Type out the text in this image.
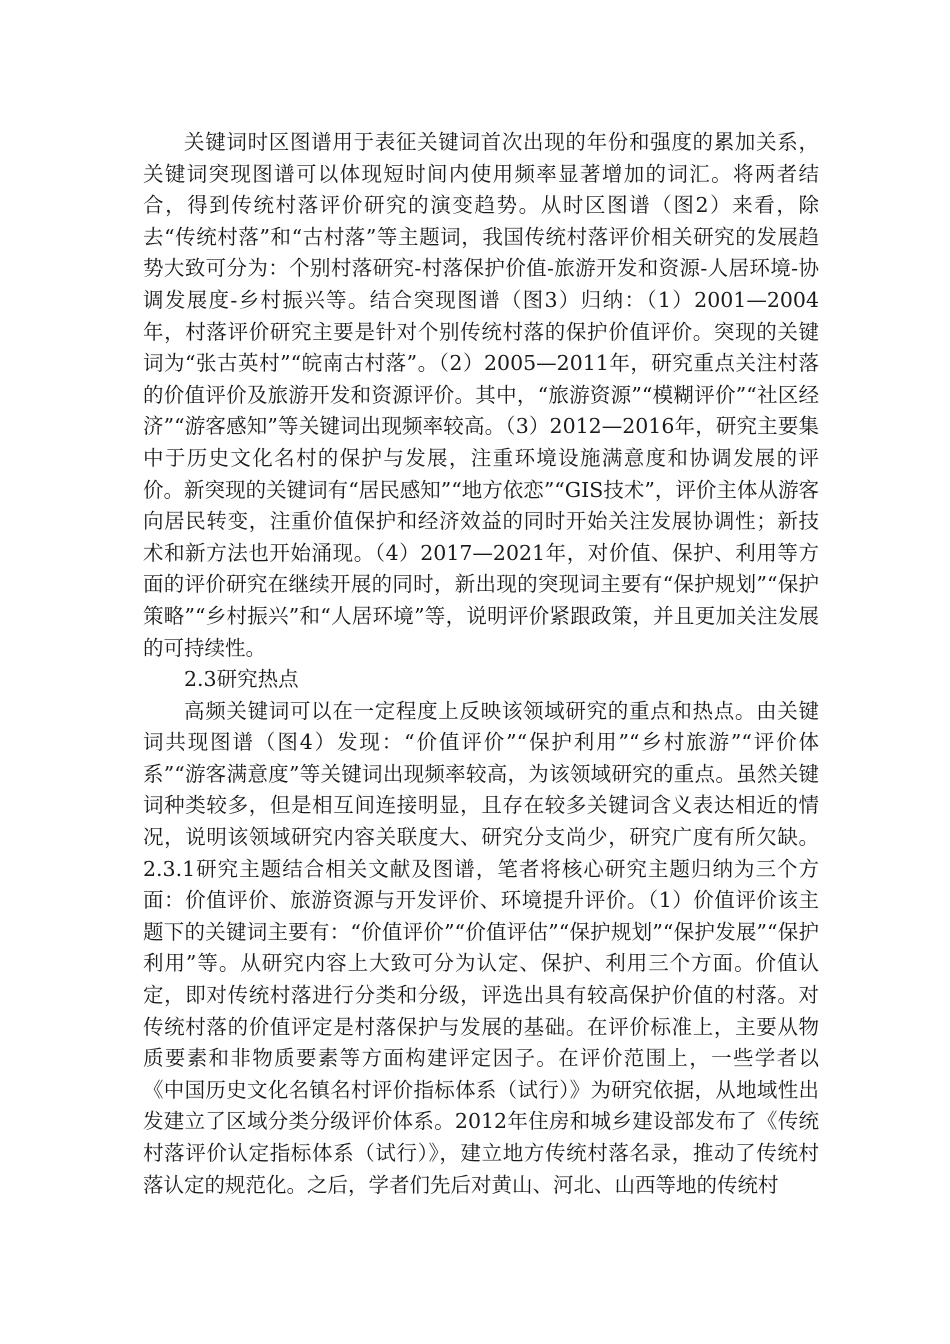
关键词时区图谱用于表征关键词首次出现的年份和强度的累加关系，关键词突现图谱可以体现短时间内使用频率显著增加的词汇。将两者结合，得到传统村落评价研究的演变趋势。从时区图谱（图2）来看，除去“传统村落”和“古村落”等主题词，我国传统村落评价相关研究的发展趋势大致可分为：个别村落研究-村落保护价值-旅游开发和资源-人居环境-协调发展度-乡村振兴等。结合突现图谱（图3）归纳：（1）2001—2004年，村落评价研究主要是针对个别传统村落的保护价值评价。突现的关键词为“张古英村”“皖南古村落”。（2）2005—2011年，研究重点关注村落的价值评价及旅游开发和资源评价。其中，“旅游资源”“模糊评价”“社区经济”“游客感知”等关键词出现频率较高。（3）2012—2016年，研究主要集中于历史文化名村的保护与发展，注重环境设施满意度和协调发展的评价。新突现的关键词有“居民感知”“地方依恋”“GIS技术”，评价主体从游客向居民转变，注重价值保护和经济效益的同时开始关注发展协调性；新技术和新方法也开始涌现。（4）2017—2021年，对价值、保护、利用等方面的评价研究在继续开展的同时，新出现的突现词主要有“保护规划”“保护策略”“乡村振兴”和“人居环境”等，说明评价紧跟政策，并且更加关注发展的可持续性。

2.3研究热点

高频关键词可以在一定程度上反映该领域研究的重点和热点。由关键词共现图谱（图4）发现：“价值评价”“保护利用”“乡村旅游”“评价体系”“游客满意度”等关键词出现频率较高，为该领域研究的重点。虽然关键词种类较多，但是相互间连接明显，且存在较多关键词含义表达相近的情况，说明该领域研究内容关联度大、研究分支尚少，研究广度有所欠缺。2.3.1研究主题结合相关文献及图谱，笔者将核心研究主题归纳为三个方面：价值评价、旅游资源与开发评价、环境提升评价。（1）价值评价该主题下的关键词主要有：“价值评价”“价值评估”“保护规划”“保护发展”“保护利用”等。从研究内容上大致可分为认定、保护、利用三个方面。价值认定，即对传统村落进行分类和分级，评选出具有较高保护价值的村落。对传统村落的价值评定是村落保护与发展的基础。在评价标准上，主要从物质要素和非物质要素等方面构建评定因子。在评价范围上，一些学者以《中国历史文化名镇名村评价指标体系（试行）》为研究依据，从地域性出发建立了区域分类分级评价体系。2012年住房和城乡建设部发布了《传统村落评价认定指标体系（试行）》，建立地方传统村落名录，推动了传统村落认定的规范化。之后，学者们先后对黄山、河北、山西等地的传统村
